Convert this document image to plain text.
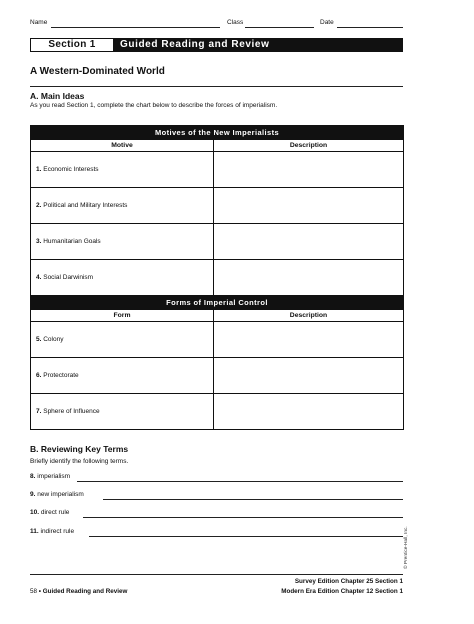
Name	Class	Date
Section 1	Guided Reading and Review
A Western-Dominated World
A. Main Ideas
As you read Section 1, complete the chart below to describe the forces of imperialism.
Motives of the New Imperialists	
Motive	Description
1. Economic Interests	
2. Political and Military Interests	
3. Humanitarian Goals	
4. Social Darwinism	
Forms of Imperial Control	
Form	Description
5. Colony	
6. Protectorate	
7. Sphere of Influence	
B. Reviewing Key Terms
Briefly identify the following terms.
8. imperialism
9. new imperialism
10. direct rule
11. indirect rule	© Prentice-Hall, Inc.
Survey Edition Chapter 25 Section 1
58 • Guided Reading and Review	Modern Era Edition Chapter 12 Section 1
